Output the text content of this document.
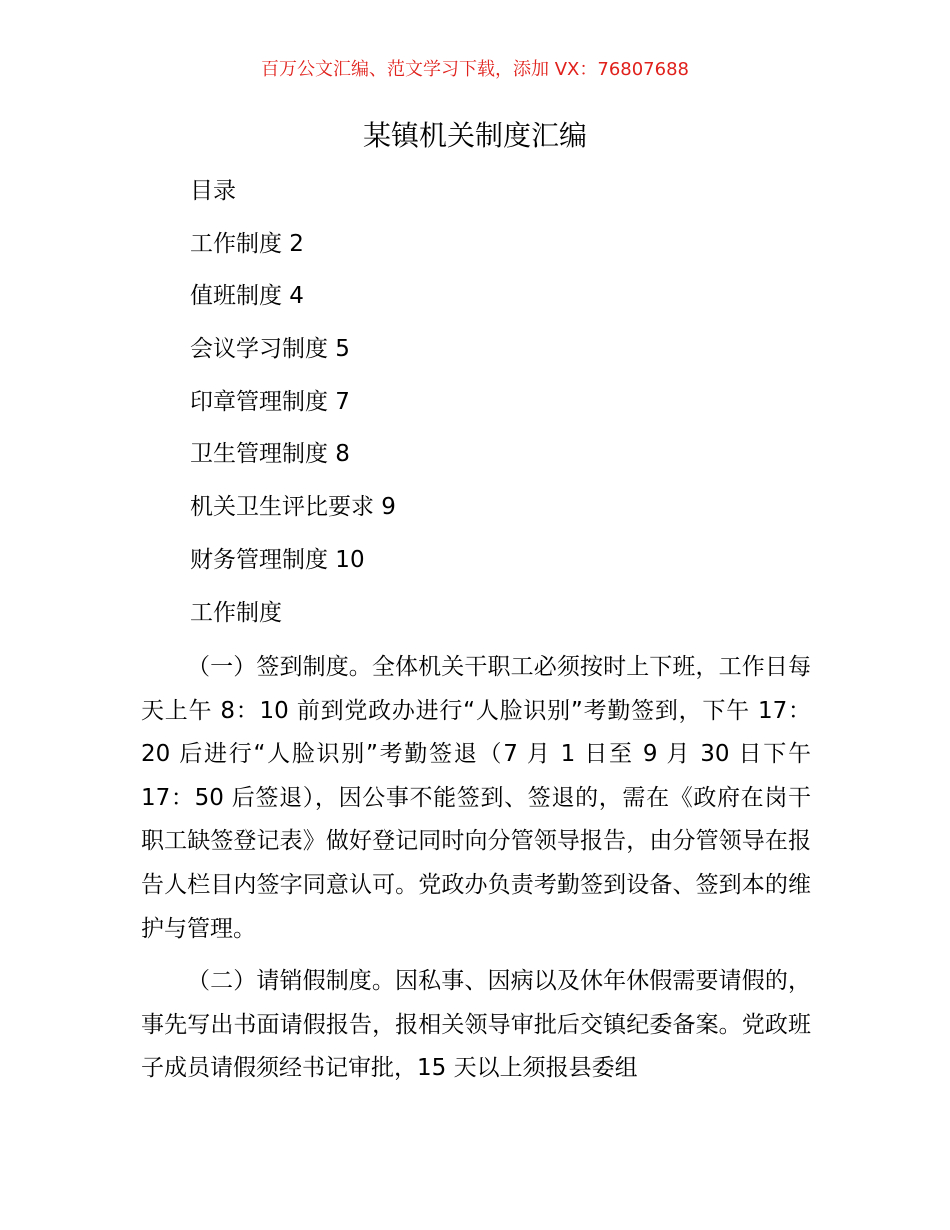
百万公文汇编、范文学习下载，添加 VX：76807688
某镇机关制度汇编
目录
工作制度 2
值班制度 4
会议学习制度 5
印章管理制度 7
卫生管理制度 8
机关卫生评比要求 9
财务管理制度 10
工作制度

（一）签到制度。全体机关干职工必须按时上下班，工作日每天上午 8：10 前到党政办进行“人脸识别”考勤签到，下午 17：20 后进行“人脸识别”考勤签退（7 月 1 日至 9 月 30 日下午 17：50 后签退），因公事不能签到、签退的，需在《政府在岗干职工缺签登记表》做好登记同时向分管领导报告，由分管领导在报告人栏目内签字同意认可。党政办负责考勤签到设备、签到本的维护与管理。

（二）请销假制度。因私事、因病以及休年休假需要请假的，事先写出书面请假报告，报相关领导审批后交镇纪委备案。党政班子成员请假须经书记审批，15 天以上须报县委组
